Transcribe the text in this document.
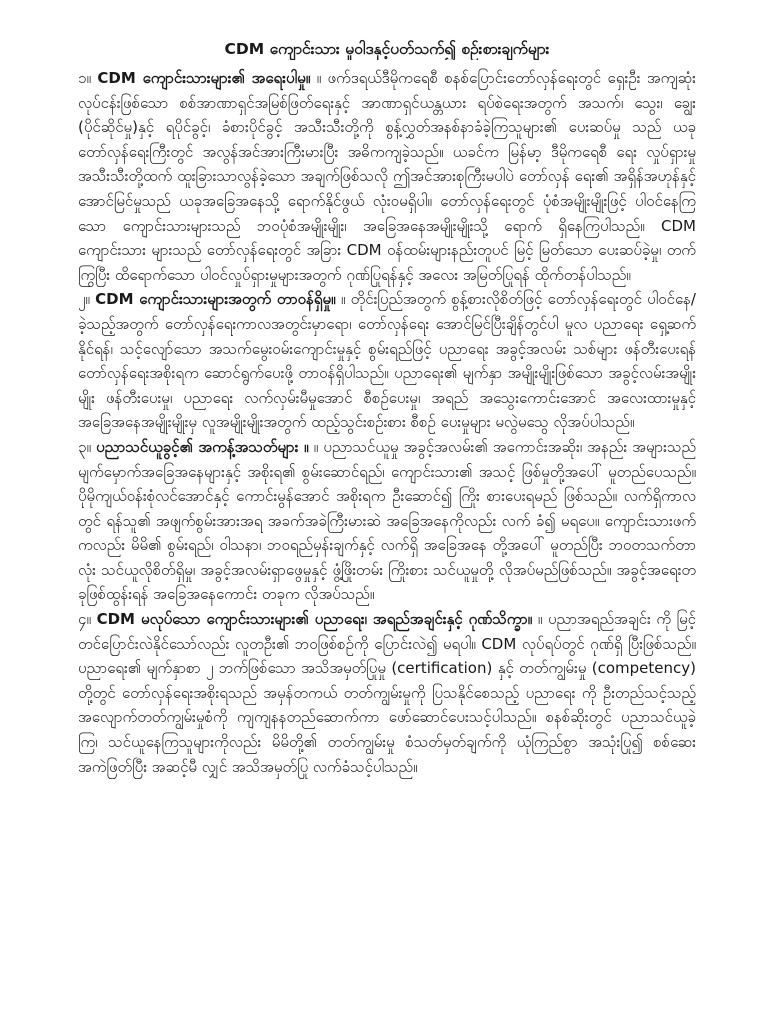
CDM ကျောင်းသား မူဝါဒနှင့်ပတ်သက်၍ စဉ်းစားချက်များ

၁။ CDM ကျောင်းသားများ၏ အရေးပါမှု။ ။ ဖက်ဒရယ်ဒီမိုကရေစီ စနစ်ပြောင်းတော်လှန်ရေးတွင် ရှေးဦး အကျဆုံး လုပ်ငန်းဖြစ်သော စစ်အာဏာရှင်အမြစ်ဖြတ်ရေးနှင့် အာဏာရှင်ယန္တယား ရပ်စဲရေးအတွက် အသက်၊ သွေး၊ ချွေး (ပိုင်ဆိုင်မှု)နှင့် ရပိုင်ခွင့်၊ ခံစားပိုင်ခွင့် အသီးသီးတို့ကို စွန့်လွှတ်အနစ်နာခံခဲ့ကြသူများ၏ ပေးဆပ်မှု သည် ယခု တော်လှန်ရေးကြီးတွင် အလွန်အင်အားကြီးမားပြီး အဓိကကျခဲ့သည်။ ယခင်က မြန်မာ့ ဒီမိုကရေစီ ရေး လှုပ်ရှားမှုအသီးသီးတို့ထက် ထူးခြားသာလွန်ခဲ့သော အချက်ဖြစ်သလို ဤအင်အားစုကြီးမပါပဲ တော်လှန် ရေး၏ အရှိန်အဟုန်နှင့် အောင်မြင်မှုသည် ယခုအခြေအနေသို့ ရောက်နိုင်ဖွယ် လုံးဝမရှိပါ။ တော်လှန်ရေးတွင် ပုံစံအမျိုးမျိုးဖြင့် ပါဝင်နေကြသော ကျောင်းသားများသည် ဘဝပုံစံအမျိုးမျိုး၊ အခြေအနေအမျိုးမျိုးသို့ ရောက် ရှိနေကြပါသည်။ CDM ကျောင်းသား များသည် တော်လှန်ရေးတွင် အခြား CDM ဝန်ထမ်းများနည်းတူပင် မြင့် မြတ်သော ပေးဆပ်ခဲ့မှု၊ တက်ကြွပြီး ထိရောက်သော ပါဝင်လှုပ်ရှားမှုများအတွက် ဂုဏ်ပြုရန်နှင့် အလေး အမြတ်ပြုရန် ထိုက်တန်ပါသည်။

၂။ CDM ကျောင်းသားများအတွက် တာဝန်ရှိမှု။ ။ တိုင်းပြည်အတွက် စွန့်စားလိုစိတ်ဖြင့် တော်လှန်ရေးတွင် ပါဝင်နေ/ခဲ့သည့်အတွက် တော်လှန်ရေးကာလအတွင်းမှာရော၊ တော်လှန်ရေး အောင်မြင်ပြီးချိန်တွင်ပါ မူလ ပညာရေး ရှေ့ဆက်နိုင်ရန်၊ သင့်လျော်သော အသက်မွေးဝမ်းကျောင်းမှုနှင့် စွမ်းရည်ဖြင့် ပညာရေး အခွင့်အလမ်း သစ်များ ဖန်တီးပေးရန် တော်လှန်ရေးအစိုးရက ဆောင်ရွက်ပေးဖို့ တာဝန်ရှိပါသည်။ ပညာရေး၏ မျက်နှာ အမျိုးမျိုးဖြစ်သော အခွင့်လမ်းအမျိုးမျိုး ဖန်တီးပေးမှု၊ ပညာရေး လက်လှမ်းမီမှုအောင် စီစဉ်ပေးမှု၊ အရည် အသွေးကောင်းအောင် အလေးထားမှုနှင့် အခြေအနေအမျိုးမျိုးမှ လူအမျိုးမျိုးအတွက် ထည့်သွင်းစဉ်းစား စီစဉ် ပေးမှုများ မလွဲမသွေ လိုအပ်ပါသည်။

၃။ ပညာသင်ယူခွင့်၏ အကန့်အသတ်များ ။ ။ ပညာသင်ယူမှု အခွင့်အလမ်း၏ အကောင်းအဆိုး၊ အနည်း အများသည် မျက်မှောက်အခြေအနေများနှင့် အစိုးရ၏ စွမ်းဆောင်ရည်၊ ကျောင်းသား၏ အသင့် ဖြစ်မှုတို့အပေါ် မူတည်ပေသည်။ ပိုမိုကျယ်ဝန်းစုံလင်အောင်နှင့် ကောင်းမွန်အောင် အစိုးရက ဦးဆောင်၍ ကြိုး စားပေးရမည် ဖြစ်သည်။ လက်ရှိကာလတွင် ရန်သူ၏ အဖျက်စွမ်းအားအရ အခက်အခဲကြီးမားဆဲ အခြေအနေကိုလည်း လက် ခံ၍ မရပေ။ ကျောင်းသားဖက်ကလည်း မိမိ၏ စွမ်းရည်၊ ဝါသနာ၊ ဘဝရည်မှန်းချက်နှင့် လက်ရှိ အခြေအနေ တို့အပေါ် မူတည်ပြီး ဘဝတသက်တာလုံး သင်ယူလိုစိတ်ရှိမှု၊ အခွင့်အလမ်းရှာဖွေမှုနှင့် ဖွံ့ဖြိုးတမ်း ကြိုးစား သင်ယူမှုတို့ လိုအပ်မည်ဖြစ်သည်။ အခွင့်အရေးတခုဖြစ်ထွန်းရန် အခြေအနေကောင်း တခုက လိုအပ်သည်။

၄။ CDM မလုပ်သော ကျောင်းသားများ၏ ပညာရေး၊ အရည်အချင်းနှင့် ဂုဏ်သိက္ခာ။ ။ ပညာအရည်အချင်း ကို မြင့်တင်ပြောင်းလဲနိုင်သော်လည်း လူတဦး၏ ဘဝဖြစ်စဉ်ကို ပြောင်းလဲ၍ မရပါ။ CDM လုပ်ရပ်တွင် ဂုဏ်ရှိ ပြီးဖြစ်သည်။ ပညာရေး၏ မျက်နှာစာ ၂ ဘက်ဖြစ်သော အသိအမှတ်ပြုမှု (certification) နှင့် တတ်ကျွမ်းမှု (competency) တို့တွင် တော်လှန်ရေးအစိုးရသည် အမှန်တကယ် တတ်ကျွမ်းမှုကို ပြသနိုင်စေသည့် ပညာရေး ကို ဦးတည်သင့်သည့် အလျောက်တတ်ကျွမ်းမှုစံကို ကျကျနနတည်ဆောက်ကာ ဖော်ဆောင်ပေးသင့်ပါသည်။ စနစ်ဆိုးတွင် ပညာသင်ယူခဲ့ကြ၊ သင်ယူနေကြသူများကိုလည်း မိမိတို့၏ တတ်ကျွမ်းမှု စံသတ်မှတ်ချက်ကို ယုံကြည်စွာ အသုံးပြု၍ စစ်ဆေးအကဲဖြတ်ပြီး အဆင့်မီ လျှင် အသိအမှတ်ပြု လက်ခံသင့်ပါသည်။
